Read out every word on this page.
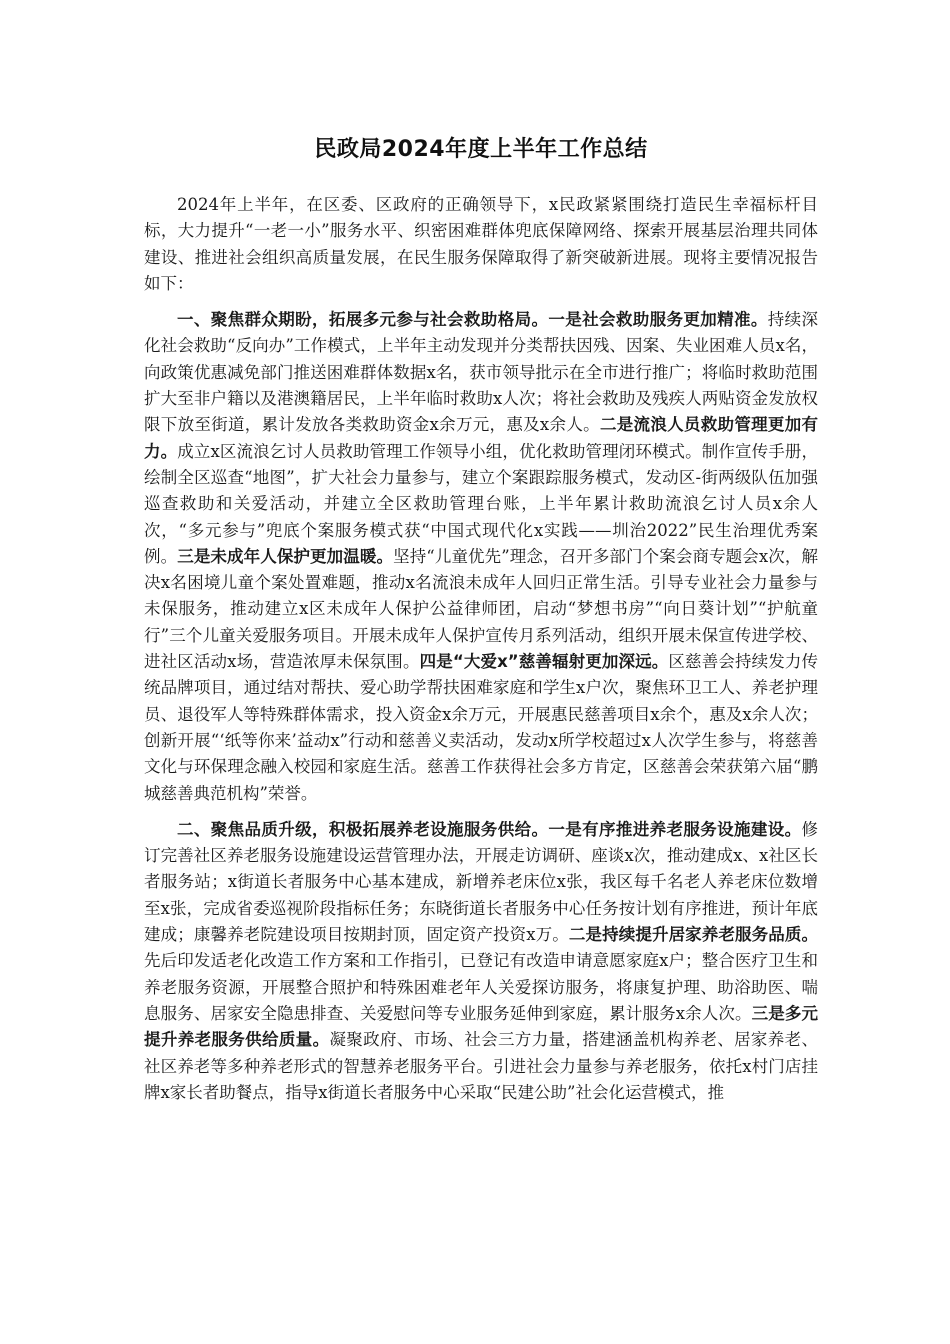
民政局2024年度上半年工作总结

2024年上半年，在区委、区政府的正确领导下，x民政紧紧围绕打造民生幸福标杆目标，大力提升“一老一小”服务水平、织密困难群体兜底保障网络、探索开展基层治理共同体建设、推进社会组织高质量发展，在民生服务保障取得了新突破新进展。现将主要情况报告如下：

一、聚焦群众期盼，拓展多元参与社会救助格局。一是社会救助服务更加精准。持续深化社会救助“反向办”工作模式，上半年主动发现并分类帮扶因残、因案、失业困难人员x名，向政策优惠减免部门推送困难群体数据x名，获市领导批示在全市进行推广；将临时救助范围扩大至非户籍以及港澳籍居民，上半年临时救助x人次；将社会救助及残疾人两贴资金发放权限下放至街道，累计发放各类救助资金x余万元，惠及x余人。二是流浪人员救助管理更加有力。成立x区流浪乞讨人员救助管理工作领导小组，优化救助管理闭环模式。制作宣传手册，绘制全区巡查“地图”，扩大社会力量参与，建立个案跟踪服务模式，发动区-街两级队伍加强巡查救助和关爱活动，并建立全区救助管理台账，上半年累计救助流浪乞讨人员x余人次，“多元参与”兜底个案服务模式获“中国式现代化x实践——圳治2022”民生治理优秀案例。三是未成年人保护更加温暖。坚持“儿童优先”理念，召开多部门个案会商专题会x次，解决x名困境儿童个案处置难题，推动x名流浪未成年人回归正常生活。引导专业社会力量参与未保服务，推动建立x区未成年人保护公益律师团，启动“梦想书房”“向日葵计划”“护航童行”三个儿童关爱服务项目。开展未成年人保护宣传月系列活动，组织开展未保宣传进学校、进社区活动x场，营造浓厚未保氛围。四是“大爱x”慈善辐射更加深远。区慈善会持续发力传统品牌项目，通过结对帮扶、爱心助学帮扶困难家庭和学生x户次，聚焦环卫工人、养老护理员、退役军人等特殊群体需求，投入资金x余万元，开展惠民慈善项目x余个，惠及x余人次；创新开展“‘纸等你来’益动x”行动和慈善义卖活动，发动x所学校超过x人次学生参与，将慈善文化与环保理念融入校园和家庭生活。慈善工作获得社会多方肯定，区慈善会荣获第六届“鹏城慈善典范机构”荣誉。

二、聚焦品质升级，积极拓展养老设施服务供给。一是有序推进养老服务设施建设。修订完善社区养老服务设施建设运营管理办法，开展走访调研、座谈x次，推动建成x、x社区长者服务站；x街道长者服务中心基本建成，新增养老床位x张，我区每千名老人养老床位数增至x张，完成省委巡视阶段指标任务；东晓街道长者服务中心任务按计划有序推进，预计年底建成；康馨养老院建设项目按期封顶，固定资产投资x万。二是持续提升居家养老服务品质。先后印发适老化改造工作方案和工作指引，已登记有改造申请意愿家庭x户；整合医疗卫生和养老服务资源，开展整合照护和特殊困难老年人关爱探访服务，将康复护理、助浴助医、喘息服务、居家安全隐患排查、关爱慰问等专业服务延伸到家庭，累计服务x余人次。三是多元提升养老服务供给质量。凝聚政府、市场、社会三方力量，搭建涵盖机构养老、居家养老、社区养老等多种养老形式的智慧养老服务平台。引进社会力量参与养老服务，依托x村门店挂牌x家长者助餐点，指导x街道长者服务中心采取“民建公助”社会化运营模式，推
